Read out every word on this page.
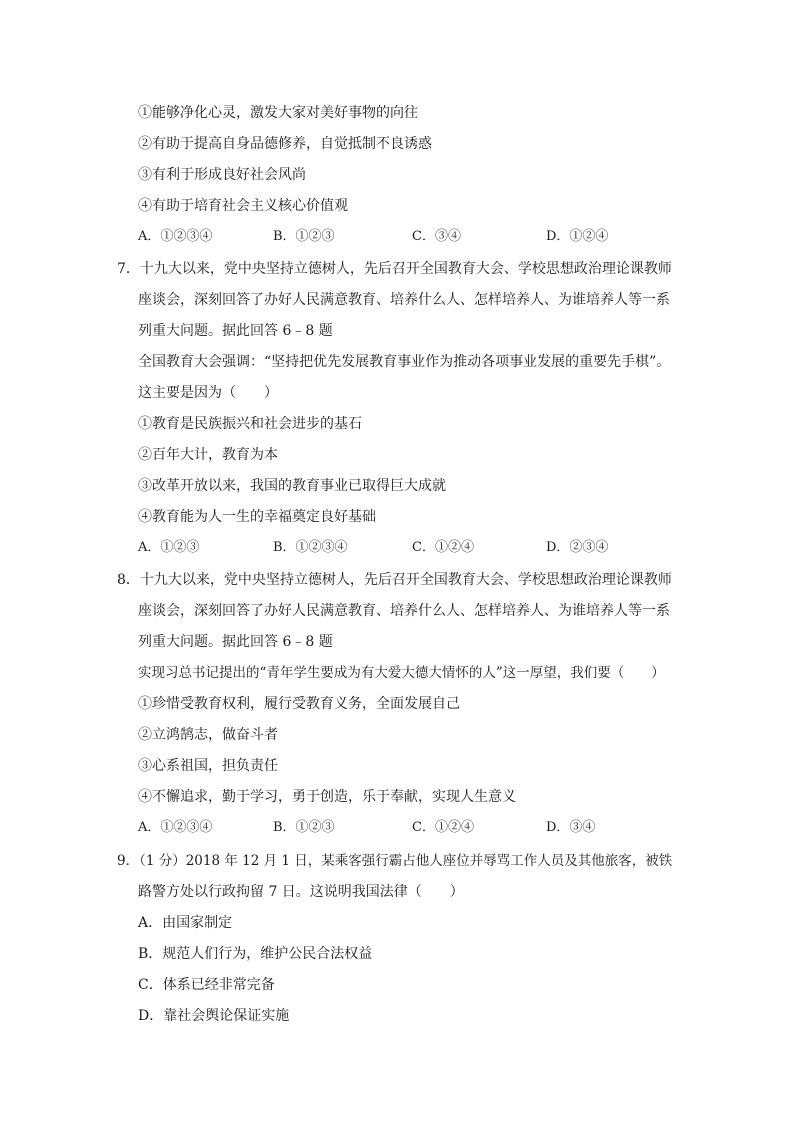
①能够净化心灵，激发大家对美好事物的向往
②有助于提高自身品德修养，自觉抵制不良诱惑
③有利于形成良好社会风尚
④有助于培育社会主义核心价值观
A．①②③④	B．①②③	C．③④	D．①②④
7．十九大以来，党中央坚持立德树人，先后召开全国教育大会、学校思想政治理论课教师
座谈会，深刻回答了办好人民满意教育、培养什么人、怎样培养人、为谁培养人等一系
列重大问题。据此回答 6﹣8 题
全国教育大会强调：“坚持把优先发展教育事业作为推动各项事业发展的重要先手棋”。
这主要是因为（　　）
①教育是民族振兴和社会进步的基石
②百年大计，教育为本
③改革开放以来，我国的教育事业已取得巨大成就
④教育能为人一生的幸福奠定良好基础
A．①②③	B．①②③④	C．①②④	D．②③④
8．十九大以来，党中央坚持立德树人，先后召开全国教育大会、学校思想政治理论课教师
座谈会，深刻回答了办好人民满意教育、培养什么人、怎样培养人、为谁培养人等一系
列重大问题。据此回答 6﹣8 题
实现习总书记提出的“青年学生要成为有大爱大德大情怀的人”这一厚望，我们要（　　）
①珍惜受教育权利，履行受教育义务，全面发展自己
②立鸿鹄志，做奋斗者
③心系祖国，担负责任
④不懈追求，勤于学习，勇于创造，乐于奉献，实现人生意义
A．①②③④	B．①②③	C．①②④	D．③④
9．（1 分）2018 年 12 月 1 日，某乘客强行霸占他人座位并辱骂工作人员及其他旅客，被铁
路警方处以行政拘留 7 日。这说明我国法律（　　）
A．由国家制定
B．规范人们行为，维护公民合法权益
C．体系已经非常完备
D．靠社会舆论保证实施
